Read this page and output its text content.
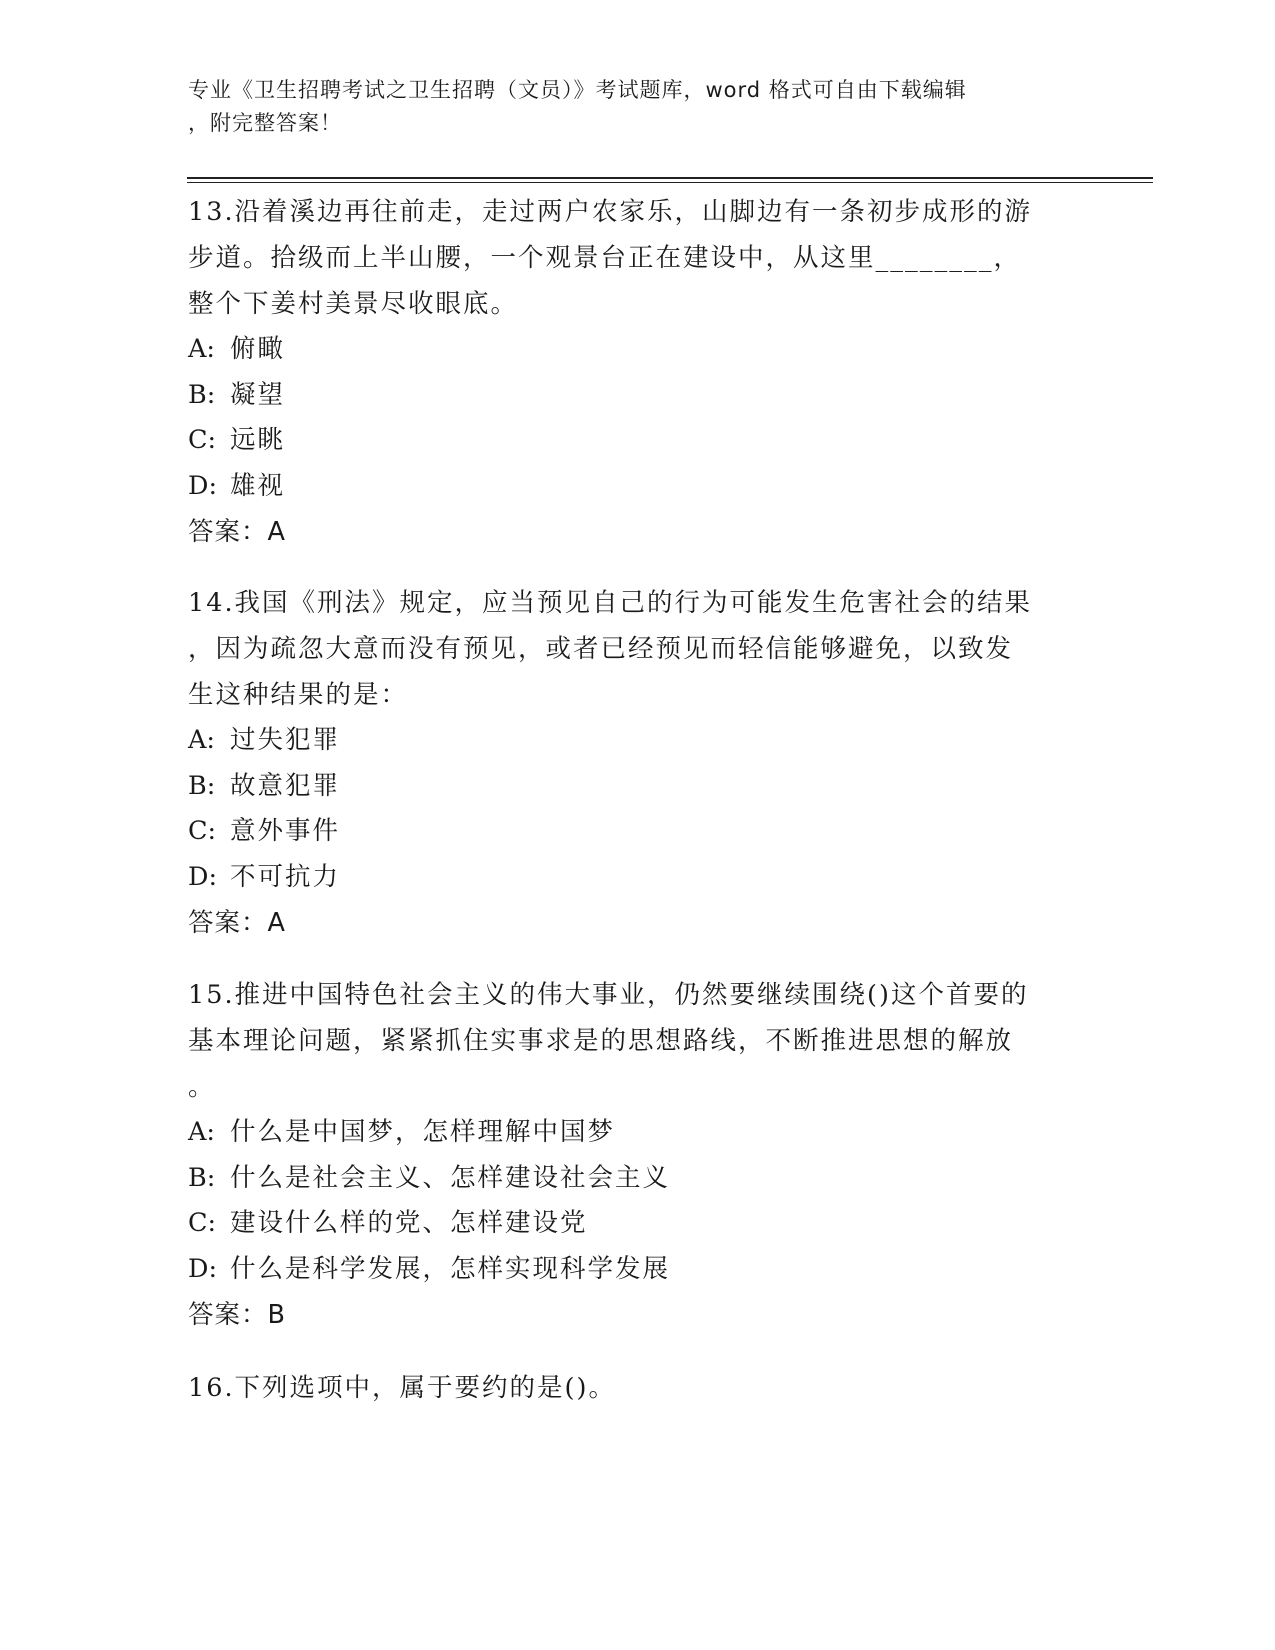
专业《卫生招聘考试之卫生招聘（文员）》考试题库，word 格式可自由下载编辑
，附完整答案！
13.沿着溪边再往前走，走过两户农家乐，山脚边有一条初步成形的游
步道。拾级而上半山腰，一个观景台正在建设中，从这里________，
整个下姜村美景尽收眼底。
A: 俯瞰
B: 凝望
C: 远眺
D: 雄视
答案：A
14.我国《刑法》规定，应当预见自己的行为可能发生危害社会的结果
，因为疏忽大意而没有预见，或者已经预见而轻信能够避免，以致发
生这种结果的是：
A: 过失犯罪
B: 故意犯罪
C: 意外事件
D: 不可抗力
答案：A
15.推进中国特色社会主义的伟大事业，仍然要继续围绕()这个首要的
基本理论问题，紧紧抓住实事求是的思想路线，不断推进思想的解放
。
A: 什么是中国梦，怎样理解中国梦
B: 什么是社会主义、怎样建设社会主义
C: 建设什么样的党、怎样建设党
D: 什么是科学发展，怎样实现科学发展
答案：B
16.下列选项中，属于要约的是()。
